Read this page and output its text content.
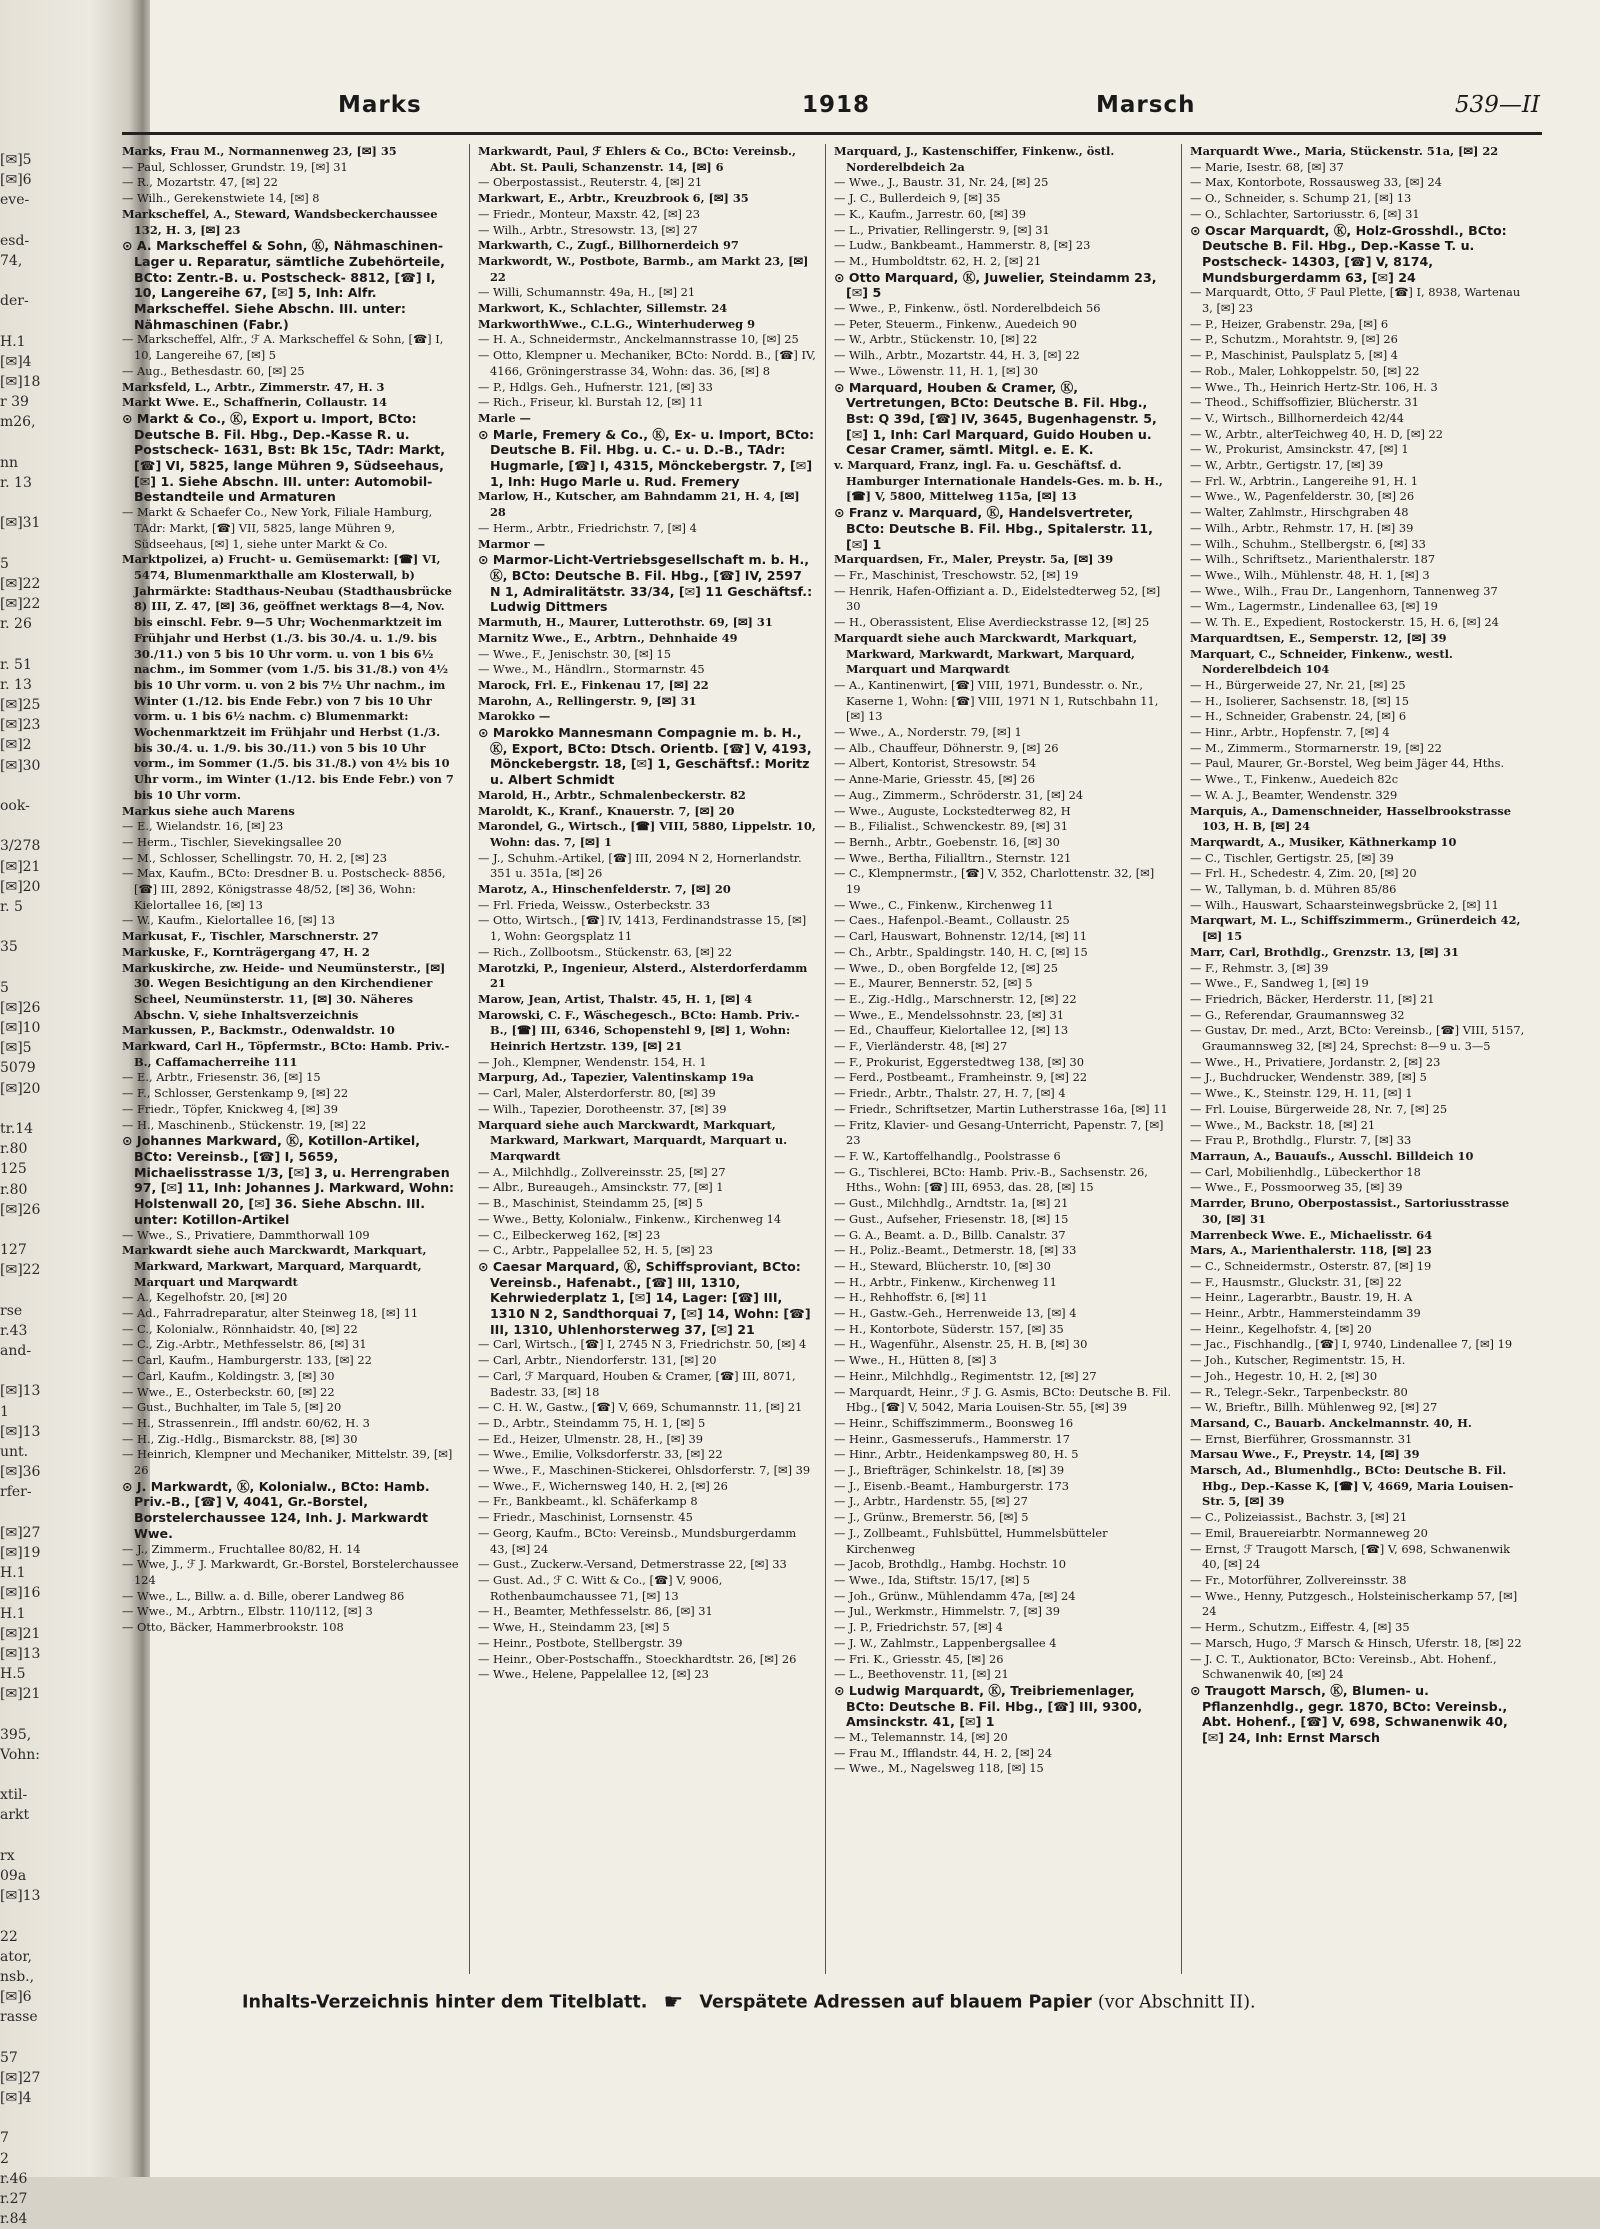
[✉]5
[✉]6
eve-
esd-
74,
der-
H.1
[✉]4
[✉]18
r 39
m26,
nn
r. 13
[✉]31
5
[✉]22
[✉]22
r. 26
r. 51
r. 13
[✉]25
[✉]23
[✉]2
[✉]30
ook-
3/278
[✉]21
[✉]20
r. 5
35
5
[✉]26
[✉]10
[✉]5
5079
[✉]20
tr.14
r.80
125
r.80
[✉]26
127
[✉]22
rse
r.43
and-
[✉]13
1
[✉]13
unt.
[✉]36
rfer-
[✉]27
[✉]19
H.1
[✉]16
H.1
[✉]21
[✉]13
H.5
[✉]21
395,
Vohn:
xtil-
arkt
rx
09a
[✉]13
22
ator,
nsb.,
[✉]6
rasse
57
[✉]27
[✉]4
7
2
r.46
r.27
r.84
Marks	1918	Marsch	539—II

Marks, Frau M., Normannenweg 23, [✉] 35

— Paul, Schlosser, Grundstr. 19, [✉] 31

— R., Mozartstr. 47, [✉] 22

— Wilh., Gerekenstwiete 14, [✉] 8

Markscheffel, A., Steward, Wandsbeckerchaussee 132, H. 3, [✉] 23

⊙ A. Markscheffel & Sohn, Ⓚ, Nähmaschinen-Lager u. Reparatur, sämtliche Zubehörteile, BCto: Zentr.-B. u. Postscheck- 8812, [☎] I, 10, Langereihe 67, [✉] 5, Inh: Alfr. Markscheffel. Siehe Abschn. III. unter: Nähmaschinen (Fabr.)

— Markscheffel, Alfr., ℱ A. Markscheffel & Sohn, [☎] I, 10, Langereihe 67, [✉] 5

— Aug., Bethesdastr. 60, [✉] 25

Marksfeld, L., Arbtr., Zimmerstr. 47, H. 3

Markt Wwe. E., Schaffnerin, Collaustr. 14

⊙ Markt & Co., Ⓚ, Export u. Import, BCto: Deutsche B. Fil. Hbg., Dep.-Kasse R. u. Postscheck- 1631, Bst: Bk 15c, TAdr: Markt, [☎] VI, 5825, lange Mühren 9, Südseehaus, [✉] 1. Siehe Abschn. III. unter: Automobil-Bestandteile und Armaturen

— Markt & Schaefer Co., New York, Filiale Hamburg, TAdr: Markt, [☎] VII, 5825, lange Mühren 9, Südseehaus, [✉] 1, siehe unter Markt & Co.

Marktpolizei, a) Frucht- u. Gemüsemarkt: [☎] VI, 5474, Blumenmarkthalle am Klosterwall, b) Jahrmärkte: Stadthaus-Neubau (Stadthausbrücke 8) III, Z. 47, [✉] 36, geöffnet werktags 8—4, Nov. bis einschl. Febr. 9—5 Uhr; Wochenmarktzeit im Frühjahr und Herbst (1./3. bis 30./4. u. 1./9. bis 30./11.) von 5 bis 10 Uhr vorm. u. von 1 bis 6½ nachm., im Sommer (vom 1./5. bis 31./8.) von 4½ bis 10 Uhr vorm. u. von 2 bis 7½ Uhr nachm., im Winter (1./12. bis Ende Febr.) von 7 bis 10 Uhr vorm. u. 1 bis 6½ nachm. c) Blumenmarkt: Wochenmarktzeit im Frühjahr und Herbst (1./3. bis 30./4. u. 1./9. bis 30./11.) von 5 bis 10 Uhr vorm., im Sommer (1./5. bis 31./8.) von 4½ bis 10 Uhr vorm., im Winter (1./12. bis Ende Febr.) von 7 bis 10 Uhr vorm.

Markus siehe auch Marens

— E., Wielandstr. 16, [✉] 23

— Herm., Tischler, Sievekingsallee 20

— M., Schlosser, Schellingstr. 70, H. 2, [✉] 23

— Max, Kaufm., BCto: Dresdner B. u. Postscheck- 8856, [☎] III, 2892, Königstrasse 48/52, [✉] 36, Wohn: Kielortallee 16, [✉] 13

— W., Kaufm., Kielortallee 16, [✉] 13

Markusat, F., Tischler, Marschnerstr. 27

Markuske, F., Kornträgergang 47, H. 2

Markuskirche, zw. Heide- und Neumünsterstr., [✉] 30. Wegen Besichtigung an den Kirchendiener Scheel, Neumünsterstr. 11, [✉] 30. Näheres Abschn. V, siehe Inhaltsverzeichnis

Markussen, P., Backmstr., Odenwaldstr. 10

Markward, Carl H., Töpfermstr., BCto: Hamb. Priv.-B., Caffamacherreihe 111

— E., Arbtr., Friesenstr. 36, [✉] 15

— F., Schlosser, Gerstenkamp 9, [✉] 22

— Friedr., Töpfer, Knickweg 4, [✉] 39

— H., Maschinenb., Stückenstr. 19, [✉] 22

⊙ Johannes Markward, Ⓚ, Kotillon-Artikel, BCto: Vereinsb., [☎] I, 5659, Michaelisstrasse 1/3, [✉] 3, u. Herrengraben 97, [✉] 11, Inh: Johannes J. Markward, Wohn: Holstenwall 20, [✉] 36. Siehe Abschn. III. unter: Kotillon-Artikel

— Wwe., S., Privatiere, Dammthorwall 109

Markwardt siehe auch Marckwardt, Markquart, Markward, Markwart, Marquard, Marquardt, Marquart und Marqwardt

— A., Kegelhofstr. 20, [✉] 20

— Ad., Fahrradreparatur, alter Steinweg 18, [✉] 11

— C., Kolonialw., Rönnhaidstr. 40, [✉] 22

— C., Zig.-Arbtr., Methfesselstr. 86, [✉] 31

— Carl, Kaufm., Hamburgerstr. 133, [✉] 22

— Carl, Kaufm., Koldingstr. 3, [✉] 30

— Wwe., E., Osterbeckstr. 60, [✉] 22

— Gust., Buchhalter, im Tale 5, [✉] 20

— H., Strassenrein., Iffl andstr. 60/62, H. 3

— H., Zig.-Hdlg., Bismarckstr. 88, [✉] 30

— Heinrich, Klempner und Mechaniker, Mittelstr. 39, [✉] 26

⊙ J. Markwardt, Ⓚ, Kolonialw., BCto: Hamb. Priv.-B., [☎] V, 4041, Gr.-Borstel, Borstelerchaussee 124, Inh. J. Markwardt Wwe.

— J., Zimmerm., Fruchtallee 80/82, H. 14

— Wwe, J., ℱ J. Markwardt, Gr.-Borstel, Borstelerchaussee 124

— Wwe., L., Billw. a. d. Bille, oberer Landweg 86

— Wwe., M., Arbtrn., Elbstr. 110/112, [✉] 3

— Otto, Bäcker, Hammerbrookstr. 108

Markwardt, Paul, ℱ Ehlers & Co., BCto: Vereinsb., Abt. St. Pauli, Schanzenstr. 14, [✉] 6

— Oberpostassist., Reuterstr. 4, [✉] 21

Markwart, E., Arbtr., Kreuzbrook 6, [✉] 35

— Friedr., Monteur, Maxstr. 42, [✉] 23

— Wilh., Arbtr., Stresowstr. 13, [✉] 27

Markwarth, C., Zugf., Billhornerdeich 97

Markwordt, W., Postbote, Barmb., am Markt 23, [✉] 22

— Willi, Schumannstr. 49a, H., [✉] 21

Markwort, K., Schlachter, Sillemstr. 24

MarkworthWwe., C.L.G., Winterhuderweg 9

— H. A., Schneidermstr., Anckelmannstrasse 10, [✉] 25

— Otto, Klempner u. Mechaniker, BCto: Nordd. B., [☎] IV, 4166, Gröningerstrasse 34, Wohn: das. 36, [✉] 8

— P., Hdlgs. Geh., Hufnerstr. 121, [✉] 33

— Rich., Friseur, kl. Burstah 12, [✉] 11

Marle —

⊙ Marle, Fremery & Co., Ⓚ, Ex- u. Import, BCto: Deutsche B. Fil. Hbg. u. C.- u. D.-B., TAdr: Hugmarle, [☎] I, 4315, Mönckebergstr. 7, [✉] 1, Inh: Hugo Marle u. Rud. Fremery

Marlow, H., Kutscher, am Bahndamm 21, H. 4, [✉] 28

— Herm., Arbtr., Friedrichstr. 7, [✉] 4

Marmor —

⊙ Marmor-Licht-Vertriebsgesellschaft m. b. H., Ⓚ, BCto: Deutsche B. Fil. Hbg., [☎] IV, 2597 N 1, Admiralitätstr. 33/34, [✉] 11 Geschäftsf.: Ludwig Dittmers

Marmuth, H., Maurer, Lutterothstr. 69, [✉] 31

Marnitz Wwe., E., Arbtrn., Dehnhaide 49

— Wwe., F., Jenischstr. 30, [✉] 15

— Wwe., M., Händlrn., Stormarnstr. 45

Marock, Frl. E., Finkenau 17, [✉] 22

Marohn, A., Rellingerstr. 9, [✉] 31

Marokko —

⊙ Marokko Mannesmann Compagnie m. b. H., Ⓚ, Export, BCto: Dtsch. Orientb. [☎] V, 4193, Mönckebergstr. 18, [✉] 1, Geschäftsf.: Moritz u. Albert Schmidt

Marold, H., Arbtr., Schmalenbeckerstr. 82

Maroldt, K., Kranf., Knauerstr. 7, [✉] 20

Marondel, G., Wirtsch., [☎] VIII, 5880, Lippelstr. 10, Wohn: das. 7, [✉] 1

— J., Schuhm.-Artikel, [☎] III, 2094 N 2, Hornerlandstr. 351 u. 351a, [✉] 26

Marotz, A., Hinschenfelderstr. 7, [✉] 20

— Frl. Frieda, Weissw., Osterbeckstr. 33

— Otto, Wirtsch., [☎] IV, 1413, Ferdinandstrasse 15, [✉] 1, Wohn: Georgsplatz 11

— Rich., Zollbootsm., Stückenstr. 63, [✉] 22

Marotzki, P., Ingenieur, Alsterd., Alsterdorferdamm 21

Marow, Jean, Artist, Thalstr. 45, H. 1, [✉] 4

Marowski, C. F., Wäschegesch., BCto: Hamb. Priv.-B., [☎] III, 6346, Schopenstehl 9, [✉] 1, Wohn: Heinrich Hertzstr. 139, [✉] 21

— Joh., Klempner, Wendenstr. 154, H. 1

Marpurg, Ad., Tapezier, Valentinskamp 19a

— Carl, Maler, Alsterdorferstr. 80, [✉] 39

— Wilh., Tapezier, Dorotheenstr. 37, [✉] 39

Marquard siehe auch Marckwardt, Markquart, Markward, Markwart, Marquardt, Marquart u. Marqwardt

— A., Milchhdlg., Zollvereinsstr. 25, [✉] 27

— Albr., Bureaugeh., Amsinckstr. 77, [✉] 1

— B., Maschinist, Steindamm 25, [✉] 5

— Wwe., Betty, Kolonialw., Finkenw., Kirchenweg 14

— C., Eilbeckerweg 162, [✉] 23

— C., Arbtr., Pappelallee 52, H. 5, [✉] 23

⊙ Caesar Marquard, Ⓚ, Schiffsproviant, BCto: Vereinsb., Hafenabt., [☎] III, 1310, Kehrwiederplatz 1, [✉] 14, Lager: [☎] III, 1310 N 2, Sandthorquai 7, [✉] 14, Wohn: [☎] III, 1310, Uhlenhorsterweg 37, [✉] 21

— Carl, Wirtsch., [☎] I, 2745 N 3, Friedrichstr. 50, [✉] 4

— Carl, Arbtr., Niendorferstr. 131, [✉] 20

— Carl, ℱ Marquard, Houben & Cramer, [☎] III, 8071, Badestr. 33, [✉] 18

— C. H. W., Gastw., [☎] V, 669, Schumannstr. 11, [✉] 21

— D., Arbtr., Steindamm 75, H. 1, [✉] 5

— Ed., Heizer, Ulmenstr. 28, H., [✉] 39

— Wwe., Emilie, Volksdorferstr. 33, [✉] 22

— Wwe., F., Maschinen-Stickerei, Ohlsdorferstr. 7, [✉] 39

— Wwe., F., Wichernsweg 140, H. 2, [✉] 26

— Fr., Bankbeamt., kl. Schäferkamp 8

— Friedr., Maschinist, Lornsenstr. 45

— Georg, Kaufm., BCto: Vereinsb., Mundsburgerdamm 43, [✉] 24

— Gust., Zuckerw.-Versand, Detmerstrasse 22, [✉] 33

— Gust. Ad., ℱ C. Witt & Co., [☎] V, 9006, Rothenbaumchaussee 71, [✉] 13

— H., Beamter, Methfesselstr. 86, [✉] 31

— Wwe, H., Steindamm 23, [✉] 5

— Heinr., Postbote, Stellbergstr. 39

— Heinr., Ober-Postschaffn., Stoeckhardtstr. 26, [✉] 26

— Wwe., Helene, Pappelallee 12, [✉] 23

Marquard, J., Kastenschiffer, Finkenw., östl. Norderelbdeich 2a

— Wwe., J., Baustr. 31, Nr. 24, [✉] 25

— J. C., Bullerdeich 9, [✉] 35

— K., Kaufm., Jarrestr. 60, [✉] 39

— L., Privatier, Rellingerstr. 9, [✉] 31

— Ludw., Bankbeamt., Hammerstr. 8, [✉] 23

— M., Humboldtstr. 62, H. 2, [✉] 21

⊙ Otto Marquard, Ⓚ, Juwelier, Steindamm 23, [✉] 5

— Wwe., P., Finkenw., östl. Norderelbdeich 56

— Peter, Steuerm., Finkenw., Auedeich 90

— W., Arbtr., Stückenstr. 10, [✉] 22

— Wilh., Arbtr., Mozartstr. 44, H. 3, [✉] 22

— Wwe., Löwenstr. 11, H. 1, [✉] 30

⊙ Marquard, Houben & Cramer, Ⓚ, Vertretungen, BCto: Deutsche B. Fil. Hbg., Bst: Q 39d, [☎] IV, 3645, Bugenhagenstr. 5, [✉] 1, Inh: Carl Marquard, Guido Houben u. Cesar Cramer, sämtl. Mitgl. e. E. K.

v. Marquard, Franz, ingl. Fa. u. Geschäftsf. d. Hamburger Internationale Handels-Ges. m. b. H., [☎] V, 5800, Mittelweg 115a, [✉] 13

⊙ Franz v. Marquard, Ⓚ, Handelsvertreter, BCto: Deutsche B. Fil. Hbg., Spitalerstr. 11, [✉] 1

Marquardsen, Fr., Maler, Preystr. 5a, [✉] 39

— Fr., Maschinist, Treschowstr. 52, [✉] 19

— Henrik, Hafen-Offiziant a. D., Eidelstedterweg 52, [✉] 30

— H., Oberassistent, Elise Averdieckstrasse 12, [✉] 25

Marquardt siehe auch Marckwardt, Markquart, Markward, Markwardt, Markwart, Marquard, Marquart und Marqwardt

— A., Kantinenwirt, [☎] VIII, 1971, Bundesstr. o. Nr., Kaserne 1, Wohn: [☎] VIII, 1971 N 1, Rutschbahn 11, [✉] 13

— Wwe., A., Norderstr. 79, [✉] 1

— Alb., Chauffeur, Döhnerstr. 9, [✉] 26

— Albert, Kontorist, Stresowstr. 54

— Anne-Marie, Griesstr. 45, [✉] 26

— Aug., Zimmerm., Schröderstr. 31, [✉] 24

— Wwe., Auguste, Lockstedterweg 82, H

— B., Filialist., Schwenckestr. 89, [✉] 31

— Bernh., Arbtr., Goebenstr. 16, [✉] 30

— Wwe., Bertha, Filialltrn., Sternstr. 121

— C., Klempnermstr., [☎] V, 352, Charlottenstr. 32, [✉] 19

— Wwe., C., Finkenw., Kirchenweg 11

— Caes., Hafenpol.-Beamt., Collaustr. 25

— Carl, Hauswart, Bohnenstr. 12/14, [✉] 11

— Ch., Arbtr., Spaldingstr. 140, H. C, [✉] 15

— Wwe., D., oben Borgfelde 12, [✉] 25

— E., Maurer, Bennerstr. 52, [✉] 5

— E., Zig.-Hdlg., Marschnerstr. 12, [✉] 22

— Wwe., E., Mendelssohnstr. 23, [✉] 31

— Ed., Chauffeur, Kielortallee 12, [✉] 13

— F., Vierländerstr. 48, [✉] 27

— F., Prokurist, Eggerstedtweg 138, [✉] 30

— Ferd., Postbeamt., Framheinstr. 9, [✉] 22

— Friedr., Arbtr., Thalstr. 27, H. 7, [✉] 4

— Friedr., Schriftsetzer, Martin Lutherstrasse 16a, [✉] 11

— Fritz, Klavier- und Gesang-Unterricht, Papenstr. 7, [✉] 23

— F. W., Kartoffelhandlg., Poolstrasse 6

— G., Tischlerei, BCto: Hamb. Priv.-B., Sachsenstr. 26, Hths., Wohn: [☎] III, 6953, das. 28, [✉] 15

— Gust., Milchhdlg., Arndtstr. 1a, [✉] 21

— Gust., Aufseher, Friesenstr. 18, [✉] 15

— G. A., Beamt. a. D., Billb. Canalstr. 37

— H., Poliz.-Beamt., Detmerstr. 18, [✉] 33

— H., Steward, Blücherstr. 10, [✉] 30

— H., Arbtr., Finkenw., Kirchenweg 11

— H., Rehhoffstr. 6, [✉] 11

— H., Gastw.-Geh., Herrenweide 13, [✉] 4

— H., Kontorbote, Süderstr. 157, [✉] 35

— H., Wagenführ., Alsenstr. 25, H. B, [✉] 30

— Wwe., H., Hütten 8, [✉] 3

— Heinr., Milchhdlg., Regimentstr. 12, [✉] 27

— Marquardt, Heinr., ℱ J. G. Asmis, BCto: Deutsche B. Fil. Hbg., [☎] V, 5042, Maria Louisen-Str. 55, [✉] 39

— Heinr., Schiffszimmerm., Boonsweg 16

— Heinr., Gasmesserufs., Hammerstr. 17

— Hinr., Arbtr., Heidenkampsweg 80, H. 5

— J., Briefträger, Schinkelstr. 18, [✉] 39

— J., Eisenb.-Beamt., Hamburgerstr. 173

— J., Arbtr., Hardenstr. 55, [✉] 27

— J., Grünw., Bremerstr. 56, [✉] 5

— J., Zollbeamt., Fuhlsbüttel, Hummelsbütteler Kirchenweg

— Jacob, Brothdlg., Hambg. Hochstr. 10

— Wwe., Ida, Stiftstr. 15/17, [✉] 5

— Joh., Grünw., Mühlendamm 47a, [✉] 24

— Jul., Werkmstr., Himmelstr. 7, [✉] 39

— J. P., Friedrichstr. 57, [✉] 4

— J. W., Zahlmstr., Lappenbergsallee 4

— Fri. K., Griesstr. 45, [✉] 26

— L., Beethovenstr. 11, [✉] 21

⊙ Ludwig Marquardt, Ⓚ, Treibriemenlager, BCto: Deutsche B. Fil. Hbg., [☎] III, 9300, Amsinckstr. 41, [✉] 1

— M., Telemannstr. 14, [✉] 20

— Frau M., Ifflandstr. 44, H. 2, [✉] 24

— Wwe., M., Nagelsweg 118, [✉] 15

Marquardt Wwe., Maria, Stückenstr. 51a, [✉] 22

— Marie, Isestr. 68, [✉] 37

— Max, Kontorbote, Rossausweg 33, [✉] 24

— O., Schneider, s. Schump 21, [✉] 13

— O., Schlachter, Sartoriusstr. 6, [✉] 31

⊙ Oscar Marquardt, Ⓚ, Holz-Grosshdl., BCto: Deutsche B. Fil. Hbg., Dep.-Kasse T. u. Postscheck- 14303, [☎] V, 8174, Mundsburgerdamm 63, [✉] 24

— Marquardt, Otto, ℱ Paul Plette, [☎] I, 8938, Wartenau 3, [✉] 23

— P., Heizer, Grabenstr. 29a, [✉] 6

— P., Schutzm., Morahtstr. 9, [✉] 26

— P., Maschinist, Paulsplatz 5, [✉] 4

— Rob., Maler, Lohkoppelstr. 50, [✉] 22

— Wwe., Th., Heinrich Hertz-Str. 106, H. 3

— Theod., Schiffsoffizier, Blücherstr. 31

— V., Wirtsch., Billhornerdeich 42/44

— W., Arbtr., alterTeichweg 40, H. D, [✉] 22

— W., Prokurist, Amsinckstr. 47, [✉] 1

— W., Arbtr., Gertigstr. 17, [✉] 39

— Frl. W., Arbtrin., Langereihe 91, H. 1

— Wwe., W., Pagenfelderstr. 30, [✉] 26

— Walter, Zahlmstr., Hirschgraben 48

— Wilh., Arbtr., Rehmstr. 17, H. [✉] 39

— Wilh., Schuhm., Stellbergstr. 6, [✉] 33

— Wilh., Schriftsetz., Marienthalerstr. 187

— Wwe., Wilh., Mühlenstr. 48, H. 1, [✉] 3

— Wwe., Wilh., Frau Dr., Langenhorn, Tannenweg 37

— Wm., Lagermstr., Lindenallee 63, [✉] 19

— W. Th. E., Expedient, Rostockerstr. 15, H. 6, [✉] 24

Marquardtsen, E., Semperstr. 12, [✉] 39

Marquart, C., Schneider, Finkenw., westl. Norderelbdeich 104

— H., Bürgerweide 27, Nr. 21, [✉] 25

— H., Isolierer, Sachsenstr. 18, [✉] 15

— H., Schneider, Grabenstr. 24, [✉] 6

— Hinr., Arbtr., Hopfenstr. 7, [✉] 4

— M., Zimmerm., Stormarnerstr. 19, [✉] 22

— Paul, Maurer, Gr.-Borstel, Weg beim Jäger 44, Hths.

— Wwe., T., Finkenw., Auedeich 82c

— W. A. J., Beamter, Wendenstr. 329

Marquis, A., Damenschneider, Hasselbrookstrasse 103, H. B, [✉] 24

Marqwardt, A., Musiker, Käthnerkamp 10

— C., Tischler, Gertigstr. 25, [✉] 39

— Frl. H., Schedestr. 4, Zim. 20, [✉] 20

— W., Tallyman, b. d. Mühren 85/86

— Wilh., Hauswart, Schaarsteinwegsbrücke 2, [✉] 11

Marqwart, M. L., Schiffszimmerm., Grünerdeich 42, [✉] 15

Marr, Carl, Brothdlg., Grenzstr. 13, [✉] 31

— F., Rehmstr. 3, [✉] 39

— Wwe., F., Sandweg 1, [✉] 19

— Friedrich, Bäcker, Herderstr. 11, [✉] 21

— G., Referendar, Graumannsweg 32

— Gustav, Dr. med., Arzt, BCto: Vereinsb., [☎] VIII, 5157, Graumannsweg 32, [✉] 24, Sprechst: 8—9 u. 3—5

— Wwe., H., Privatiere, Jordanstr. 2, [✉] 23

— J., Buchdrucker, Wendenstr. 389, [✉] 5

— Wwe., K., Steinstr. 129, H. 11, [✉] 1

— Frl. Louise, Bürgerweide 28, Nr. 7, [✉] 25

— Wwe., M., Backstr. 18, [✉] 21

— Frau P., Brothdlg., Flurstr. 7, [✉] 33

Marraun, A., Bauaufs., Ausschl. Billdeich 10

— Carl, Mobilienhdlg., Lübeckerthor 18

— Wwe., F., Possmoorweg 35, [✉] 39

Marrder, Bruno, Oberpostassist., Sartoriusstrasse 30, [✉] 31

Marrenbeck Wwe. E., Michaelisstr. 64

Mars, A., Marienthalerstr. 118, [✉] 23

— C., Schneidermstr., Osterstr. 87, [✉] 19

— F., Hausmstr., Gluckstr. 31, [✉] 22

— Heinr., Lagerarbtr., Baustr. 19, H. A

— Heinr., Arbtr., Hammersteindamm 39

— Heinr., Kegelhofstr. 4, [✉] 20

— Jac., Fischhandlg., [☎] I, 9740, Lindenallee 7, [✉] 19

— Joh., Kutscher, Regimentstr. 15, H.

— Joh., Hegestr. 10, H. 2, [✉] 30

— R., Telegr.-Sekr., Tarpenbeckstr. 80

— W., Brieftr., Billh. Mühlenweg 92, [✉] 27

Marsand, C., Bauarb. Anckelmannstr. 40, H.

— Ernst, Bierführer, Grossmannstr. 31

Marsau Wwe., F., Preystr. 14, [✉] 39

Marsch, Ad., Blumenhdlg., BCto: Deutsche B. Fil. Hbg., Dep.-Kasse K, [☎] V, 4669, Maria Louisen-Str. 5, [✉] 39

— C., Polizeiassist., Bachstr. 3, [✉] 21

— Emil, Brauereiarbtr. Normanneweg 20

— Ernst, ℱ Traugott Marsch, [☎] V, 698, Schwanenwik 40, [✉] 24

— Fr., Motorführer, Zollvereinsstr. 38

— Wwe., Henny, Putzgesch., Holsteinischerkamp 57, [✉] 24

— Herm., Schutzm., Eiffestr. 4, [✉] 35

— Marsch, Hugo, ℱ Marsch & Hinsch, Uferstr. 18, [✉] 22

— J. C. T., Auktionator, BCto: Vereinsb., Abt. Hohenf., Schwanenwik 40, [✉] 24

⊙ Traugott Marsch, Ⓚ, Blumen- u. Pflanzenhdlg., gegr. 1870, BCto: Vereinsb., Abt. Hohenf., [☎] V, 698, Schwanenwik 40, [✉] 24, Inh: Ernst Marsch

Inhalts-Verzeichnis hinter dem Titelblatt. ☛ Verspätete Adressen auf blauem Papier (vor Abschnitt II).
